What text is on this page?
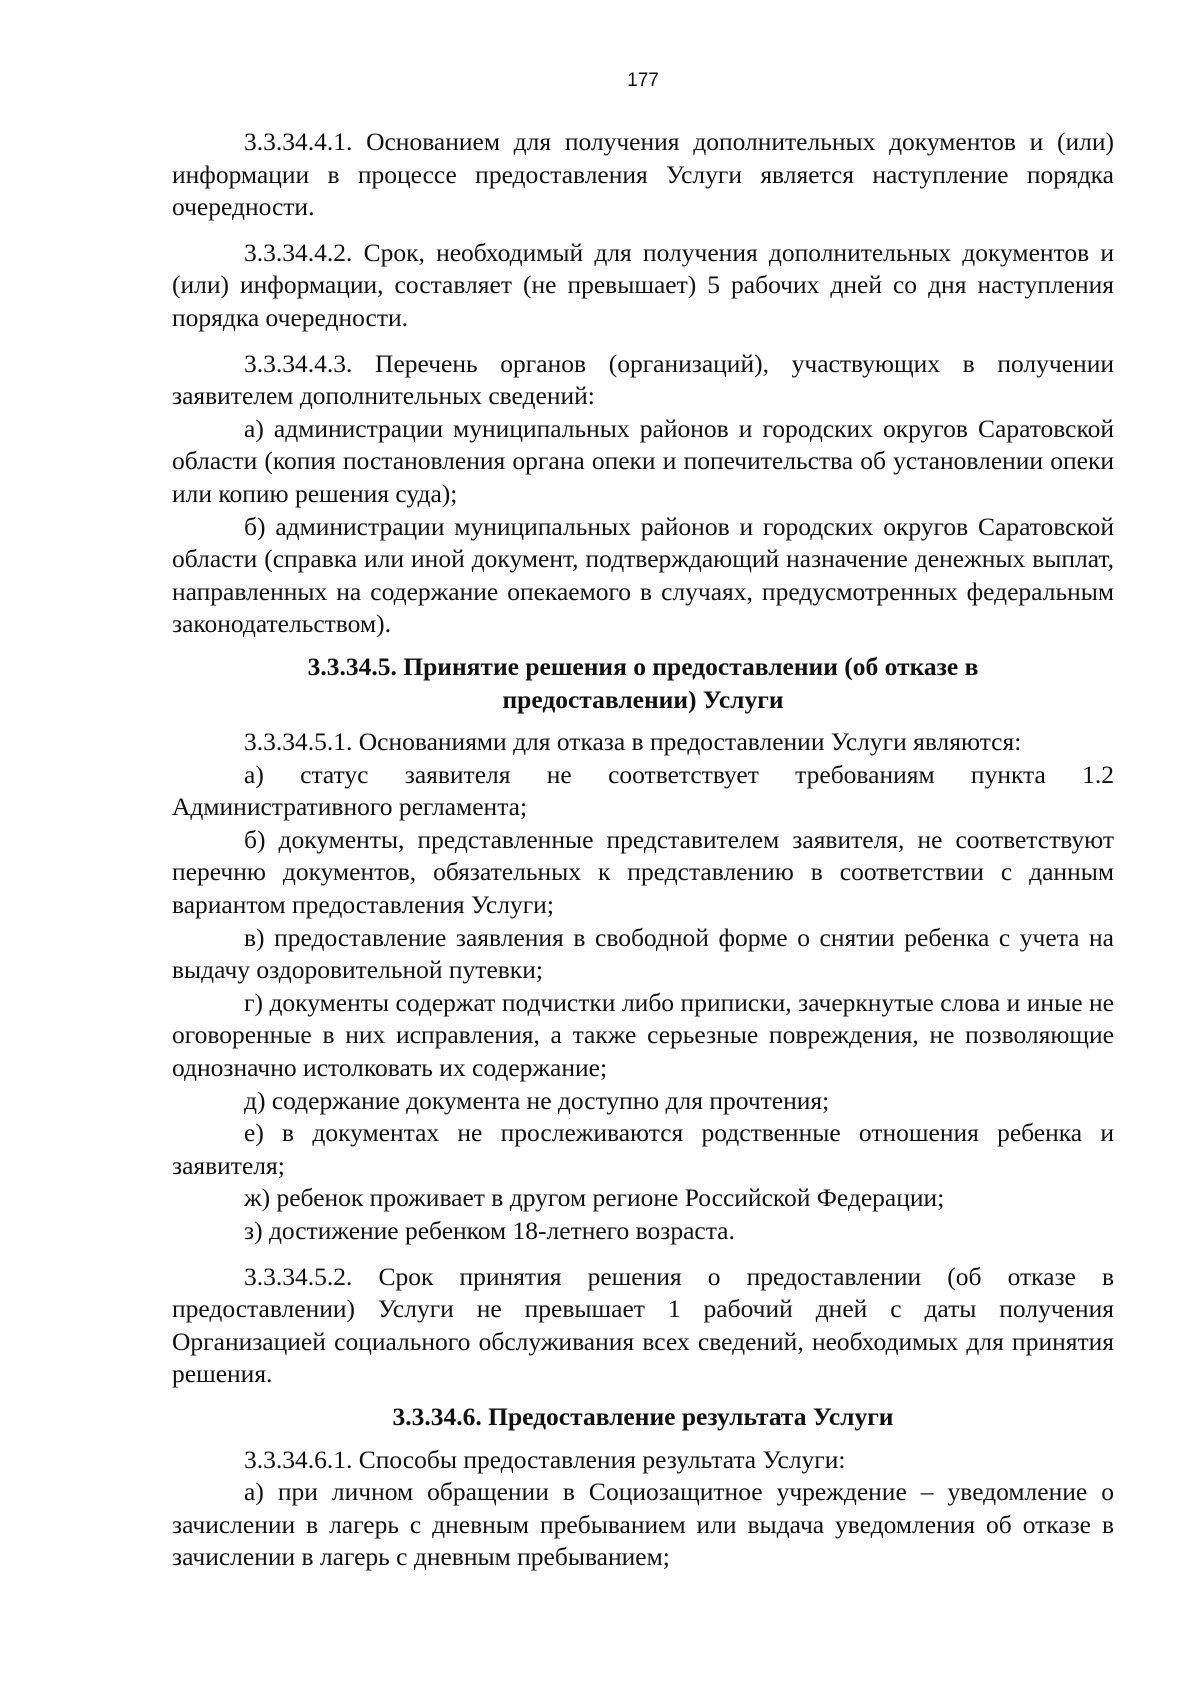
177

3.3.34.4.1. Основанием для получения дополнительных документов и (или) информации в процессе предоставления Услуги является наступление порядка очередности.

3.3.34.4.2. Срок, необходимый для получения дополнительных документов и (или) информации, составляет (не превышает) 5 рабочих дней со дня наступления порядка очередности.

3.3.34.4.3. Перечень органов (организаций), участвующих в получении заявителем дополнительных сведений:

а) администрации муниципальных районов и городских округов Саратовской области (копия постановления органа опеки и попечительства об установлении опеки или копию решения суда);

б) администрации муниципальных районов и городских округов Саратовской области (справка или иной документ, подтверждающий назначение денежных выплат, направленных на содержание опекаемого в случаях, предусмотренных федеральным законодательством).

3.3.34.5. Принятие решения о предоставлении (об отказе в
предоставлении) Услуги

3.3.34.5.1. Основаниями для отказа в предоставлении Услуги являются:

а) статус заявителя не соответствует требованиям пункта 1.2 Административного регламента;

б) документы, представленные представителем заявителя, не соответствуют перечню документов, обязательных к представлению в соответствии с данным вариантом предоставления Услуги;

в) предоставление заявления в свободной форме о снятии ребенка с учета на выдачу оздоровительной путевки;

г) документы содержат подчистки либо приписки, зачеркнутые слова и иные не оговоренные в них исправления, а также серьезные повреждения, не позволяющие однозначно истолковать их содержание;

д) содержание документа не доступно для прочтения;

е) в документах не прослеживаются родственные отношения ребенка и заявителя;

ж) ребенок проживает в другом регионе Российской Федерации;

з) достижение ребенком 18-летнего возраста.

3.3.34.5.2. Срок принятия решения о предоставлении (об отказе в предоставлении) Услуги не превышает 1 рабочий дней с даты получения Организацией социального обслуживания всех сведений, необходимых для принятия решения.

3.3.34.6. Предоставление результата Услуги

3.3.34.6.1. Способы предоставления результата Услуги:

а) при личном обращении в Социозащитное учреждение – уведомление о зачислении в лагерь с дневным пребыванием или выдача уведомления об отказе в зачислении в лагерь с дневным пребыванием;
